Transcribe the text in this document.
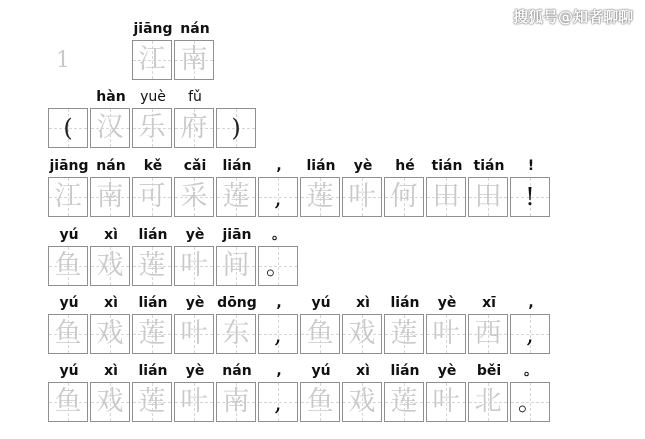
搜狐号@知者聊聊
1
jiāng
江
nán
南
(
hàn
汉
yuè
乐
fǔ
府 )
jiāng
江
nán
南
kě
可
cǎi
采
lián
莲
,
,
lián
莲
yè
叶
hé
何
tián
田
tián
田
!
!
yú
鱼
xì
戏
lián
莲
yè
叶
jiān
间
。
。
yú
鱼
xì
戏
lián
莲
yè
叶
dōng
东
,
,
yú
鱼
xì
戏
lián
莲
yè
叶
xī
西
,
,
yú
鱼
xì
戏
lián
莲
yè
叶
nán
南
,
,
yú
鱼
xì
戏
lián
莲
yè
叶
běi
北
。
。
